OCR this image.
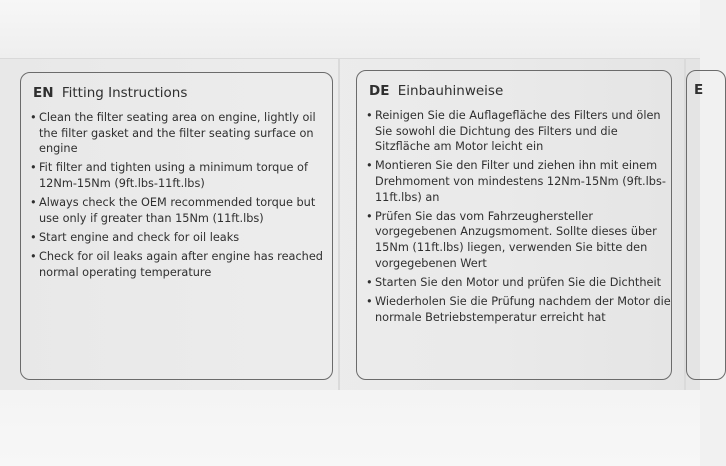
EN Fitting Instructions
• Clean the filter seating area on engine, lightly oil the filter gasket and the filter seating surface on engine
• Fit filter and tighten using a minimum torque of 12Nm-15Nm (9ft.lbs-11ft.lbs)
• Always check the OEM recommended torque but use only if greater than 15Nm (11ft.lbs)
• Start engine and check for oil leaks
• Check for oil leaks again after engine has reached normal operating temperature
DE Einbauhinweise
• Reinigen Sie die Auflagefläche des Filters und ölen Sie sowohl die Dichtung des Filters und die Sitzfläche am Motor leicht ein
• Montieren Sie den Filter und ziehen ihn mit einem Drehmoment von mindestens 12Nm-15Nm (9ft.lbs-11ft.lbs) an
• Prüfen Sie das vom Fahrzeughersteller vorgegebenen Anzugsmoment. Sollte dieses über 15Nm (11ft.lbs) liegen, verwenden Sie bitte den vorgegebenen Wert
• Starten Sie den Motor und prüfen Sie die Dichtheit
• Wiederholen Sie die Prüfung nachdem der Motor die normale Betriebstemperatur erreicht hat
E
